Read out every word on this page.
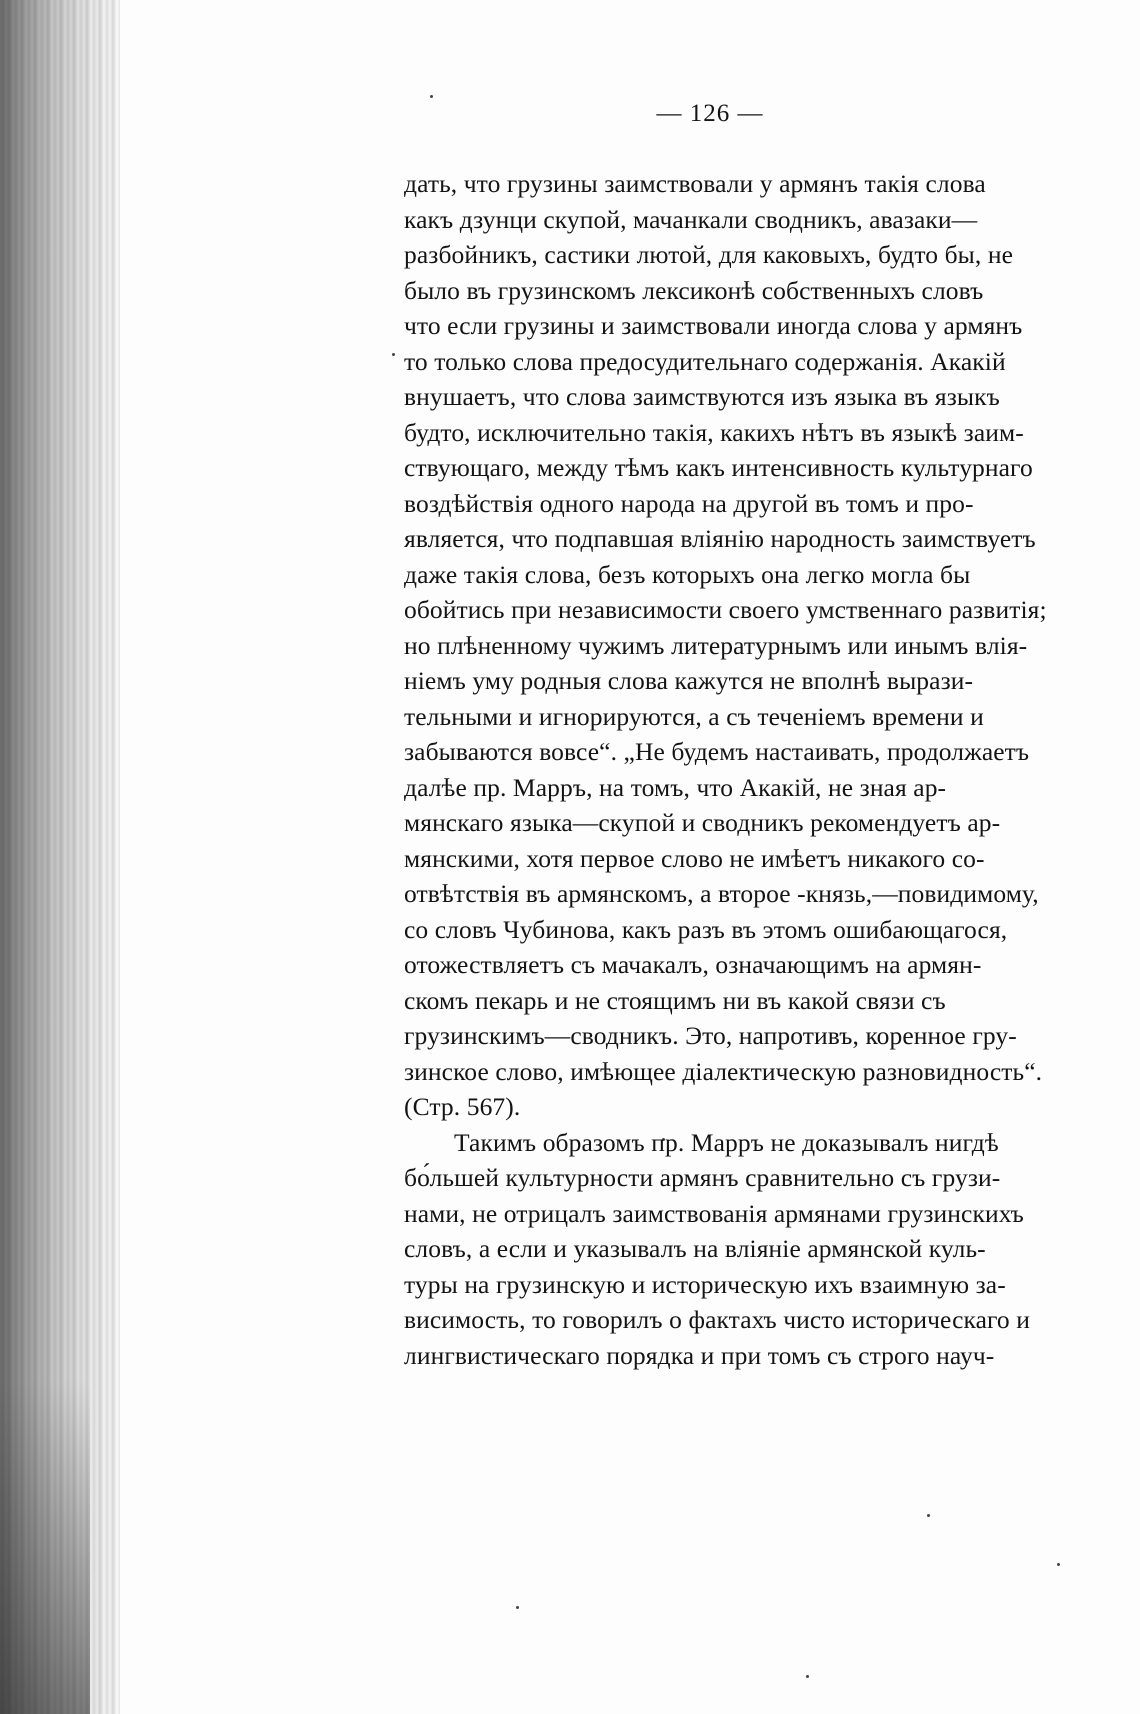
— 126 —
дать, что грузины заимствовали у армянъ такія слова
какъ дзунци скупой, мачанкали сводникъ, авазаки—
разбойникъ, састики лютой, для каковыхъ, будто бы, не
было въ грузинскомъ лексиконѣ собственныхъ словъ
что если грузины и заимствовали иногда слова у армянъ
то только слова предосудительнаго содержанія. Акакій
внушаетъ, что слова заимствуются изъ языка въ языкъ
будто, исключительно такія, какихъ нѣтъ въ языкѣ заим-
ствующаго, между тѣмъ какъ интенсивность культурнаго
воздѣйствія одного народа на другой въ томъ и про-
является, что подпавшая вліянію народность заимствуетъ
даже такія слова, безъ которыхъ она легко могла бы
обойтись при независимости своего умственнаго развитія;
но плѣненному чужимъ литературнымъ или инымъ влія-
ніемъ уму родныя слова кажутся не вполнѣ вырази-
тельными и игнорируются, а съ теченіемъ времени и
забываются вовсе“. „Не будемъ настаивать, продолжаетъ
далѣе пр. Марръ, на томъ, что Акакій, не зная ар-
мянскаго языка—скупой и сводникъ рекомендуетъ ар-
мянскими, хотя первое слово не имѣетъ никакого со-
отвѣтствія въ армянскомъ, а второе -князь,—повидимому,
со словъ Чубинова, какъ разъ въ этомъ ошибающагося,
отожествляетъ съ мачакалъ, означающимъ на армян-
скомъ пекарь и не стоящимъ ни въ какой связи съ
грузинскимъ—сводникъ. Это, напротивъ, коренное гру-
зинское слово, имѣющее діалектическую разновидность“.
(Стр. 567).
Такимъ образомъ пр. Марръ не доказывалъ нигдѣ
бо́льшей культурности армянъ сравнительно съ грузи-
нами, не отрицалъ заимствованія армянами грузинскихъ
словъ, а если и указывалъ на вліяніе армянской куль-
туры на грузинскую и историческую ихъ взаимную за-
висимость, то говорилъ о фактахъ чисто историческаго и
лингвистическаго порядка и при томъ съ строго науч-
